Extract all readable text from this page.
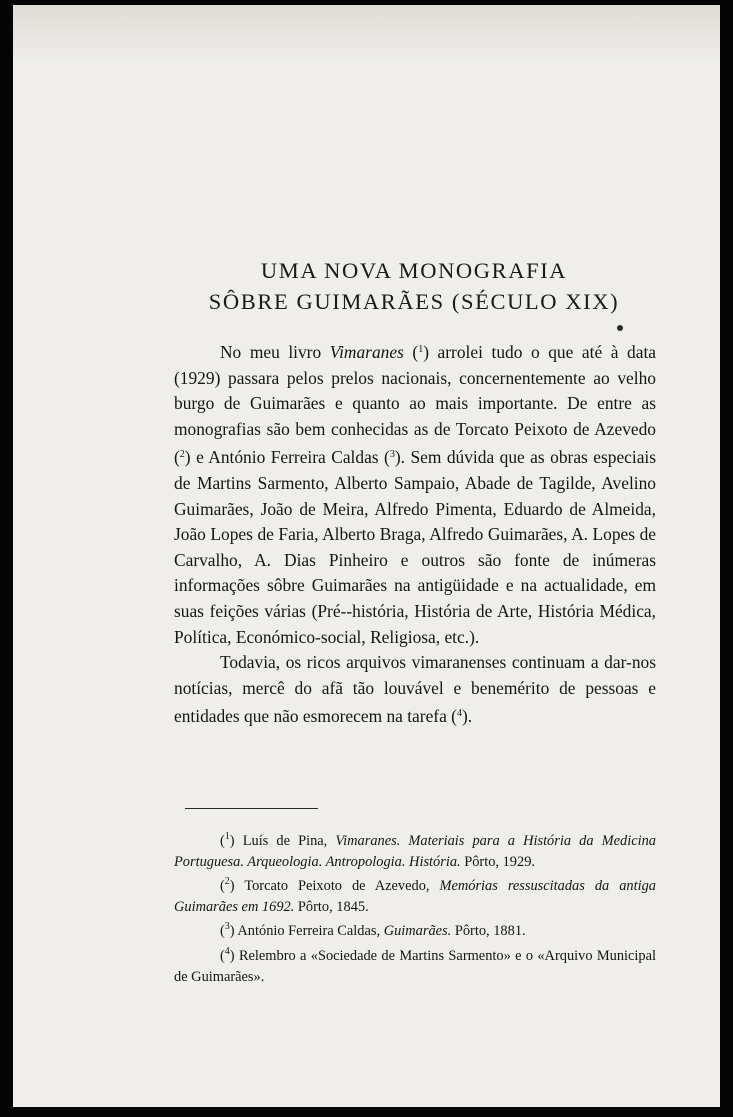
UMA NOVA MONOGRAFIA
SÔBRE GUIMARÃES (SÉCULO XIX)

No meu livro Vimaranes ($^1$) arrolei tudo o que até à data (1929) passara pelos prelos nacionais, concernentemente ao velho burgo de Guimarães e quanto ao mais importante. De entre as monografias são bem conhecidas as de Torcato Peixoto de Azevedo ($^2$) e António Ferreira Caldas ($^3$). Sem dúvida que as obras especiais de Martins Sarmento, Alberto Sampaio, Abade de Tagilde, Avelino Guimarães, João de Meira, Alfredo Pimenta, Eduardo de Almeida, João Lopes de Faria, Alberto Braga, Alfredo Guimarães, A. Lopes de Carvalho, A. Dias Pinheiro e outros são fonte de inúmeras informações sôbre Guimarães na antigüidade e na actualidade, em suas feições várias (Pré--história, História de Arte, História Médica, Política, Económico-social, Religiosa, etc.).

Todavia, os ricos arquivos vimaranenses continuam a dar-nos notícias, mercê do afã tão louvável e benemérito de pessoas e entidades que não esmorecem na tarefa ($^4$).

($^1$) Luís de Pina, Vimaranes. Materiais para a História da Medicina Portuguesa. Arqueologia. Antropologia. História. Pôrto, 1929.

($^2$) Torcato Peixoto de Azevedo, Memórias ressuscitadas da antiga Guimarães em 1692. Pôrto, 1845.

($^3$) António Ferreira Caldas, Guimarães. Pôrto, 1881.

($^4$) Relembro a «Sociedade de Martins Sarmento» e o «Arquivo Municipal de Guimarães».
